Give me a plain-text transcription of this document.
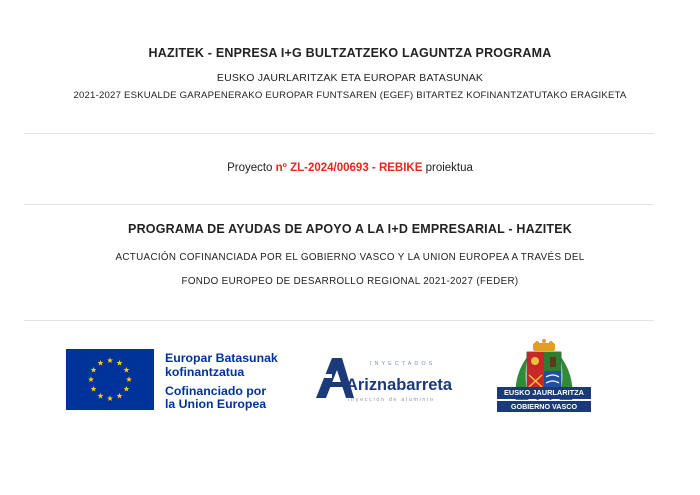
HAZITEK - ENPRESA I+G BULTZATZEKO LAGUNTZA PROGRAMA
EUSKO JAURLARITZAK ETA EUROPAR BATASUNAK
2021-2027 ESKUALDE GARAPENERAKO EUROPAR FUNTSAREN (EGEF) BITARTEZ KOFINANTZATUTAKO ERAGIKETA
Proyecto nº ZL-2024/00693 - REBIKE proiektua
PROGRAMA DE AYUDAS DE APOYO A LA I+D EMPRESARIAL - HAZITEK
ACTUACIÓN COFINANCIADA POR EL GOBIERNO VASCO Y LA UNION EUROPEA A TRAVÉS DEL
FONDO EUROPEO DE DESARROLLO REGIONAL 2021-2027 (FEDER)
Europar Batasunak
kofinantzatua
Cofinanciado por
la Union Europea
INYECTADOS
Ariznabarreta
Inyección de aluminio
EUSKO JAURLARITZA
GOBIERNO VASCO
